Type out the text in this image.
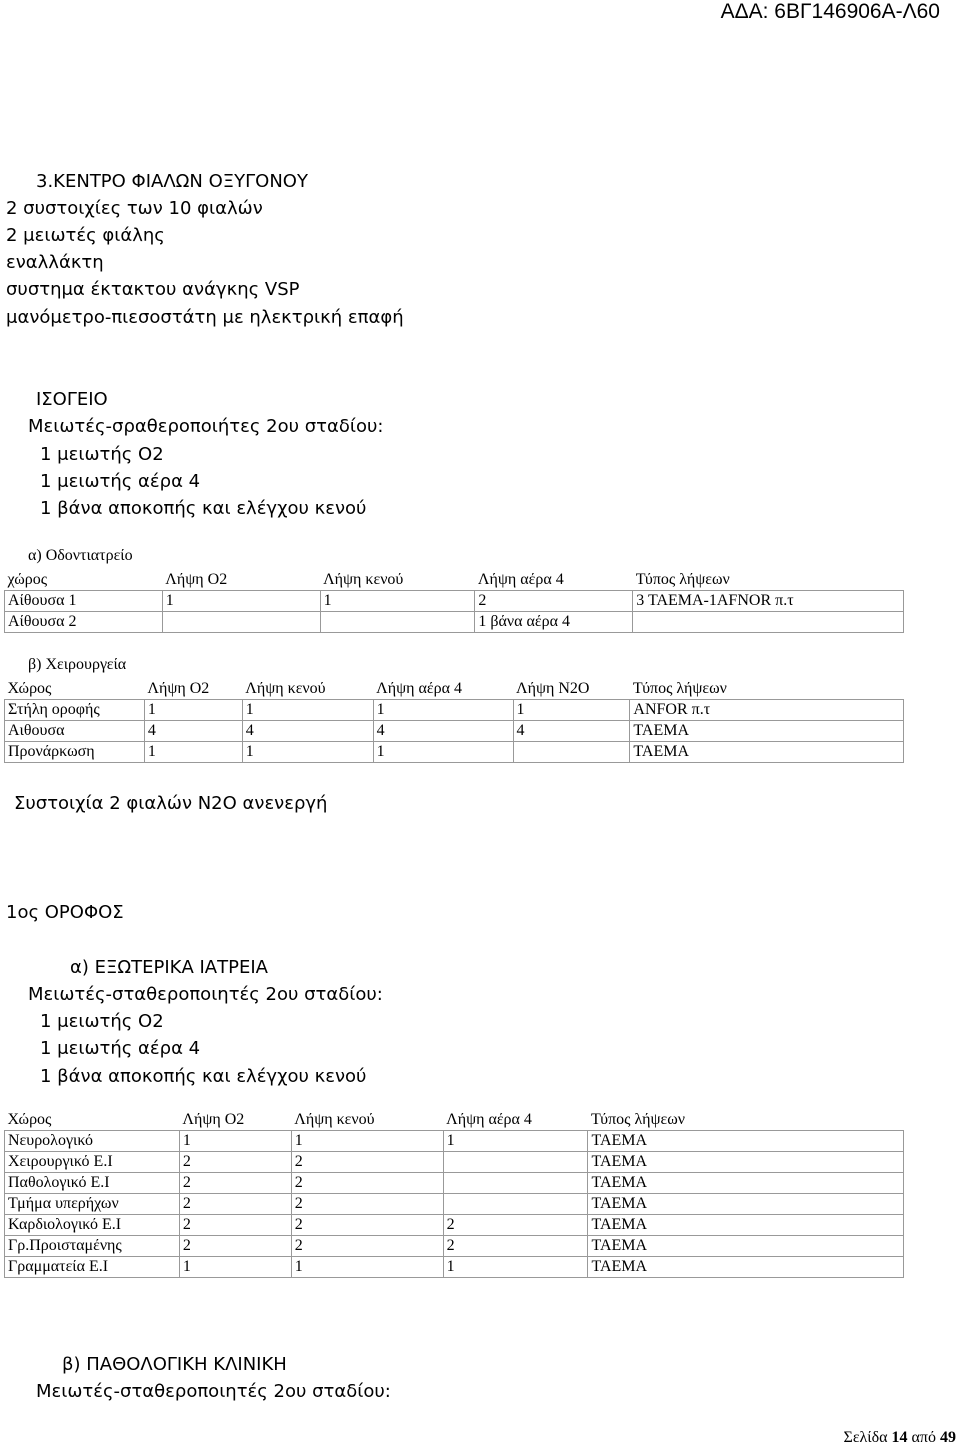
ΑΔΑ: 6ΒΓ146906Α-Λ60
3.ΚΕΝΤΡΟ ΦΙΑΛΩΝ ΟΞΥΓΟΝΟΥ
2 συστοιχίες των 10 φιαλών
2 μειωτές φιάλης
εναλλάκτη
συστημα έκτακτου ανάγκης VSP
μανόμετρο-πιεσοστάτη με ηλεκτρική επαφή
ΙΣΟΓΕΙΟ
Μειωτές-σραθεροποιήτες 2ου σταδίου:
1 μειωτής Ο2
1 μειωτής αέρα 4
1 βάνα αποκοπής και ελέγχου κενού
α) Οδοντιατρείο
χώρος	Λήψη Ο2	Λήψη κενού	Λήψη αέρα 4	Τύπος λήψεων
Αίθουσα 1	1	1	2	3 ΤΑΕΜΑ-1AFNOR π.τ
Αίθουσα 2			1 βάνα αέρα 4	
β) Χειρουργεία
Χώρος	Λήψη Ο2	Λήψη κενού	Λήψη αέρα 4	Λήψη Ν2Ο	Τύπος λήψεων
Στήλη οροφής	1	1	1	1	ANFOR π.τ
Αιθουσα	4	4	4	4	ΤΑΕΜΑ
Προνάρκωση	1	1	1		ΤΑΕΜΑ
Συστοιχία 2 φιαλών Ν2Ο ανενεργή
1ος ΟΡΟΦΟΣ
α) ΕΞΩΤΕΡΙΚΑ ΙΑΤΡΕΙΑ
Μειωτές-σταθεροποιητές 2ου σταδίου:
1 μειωτής Ο2
1 μειωτής αέρα 4
1 βάνα αποκοπής και ελέγχου κενού
Χώρος	Λήψη Ο2	Λήψη κενού	Λήψη αέρα 4	Τύπος λήψεων
Νευρολογικό	1	1	1	ΤΑΕΜΑ
Χειρουργικό Ε.Ι	2	2		ΤΑΕΜΑ
Παθολογικό Ε.Ι	2	2		ΤΑΕΜΑ
Τμήμα υπερήχων	2	2		ΤΑΕΜΑ
Καρδιολογικό Ε.Ι	2	2	2	ΤΑΕΜΑ
Γρ.Προισταμένης	2	2	2	ΤΑΕΜΑ
Γραμματεία Ε.Ι	1	1	1	ΤΑΕΜΑ
β) ΠΑΘΟΛΟΓΙΚΗ ΚΛΙΝΙΚΗ
Μειωτές-σταθεροποιητές 2ου σταδίου:
Σελίδα 14 από 49
